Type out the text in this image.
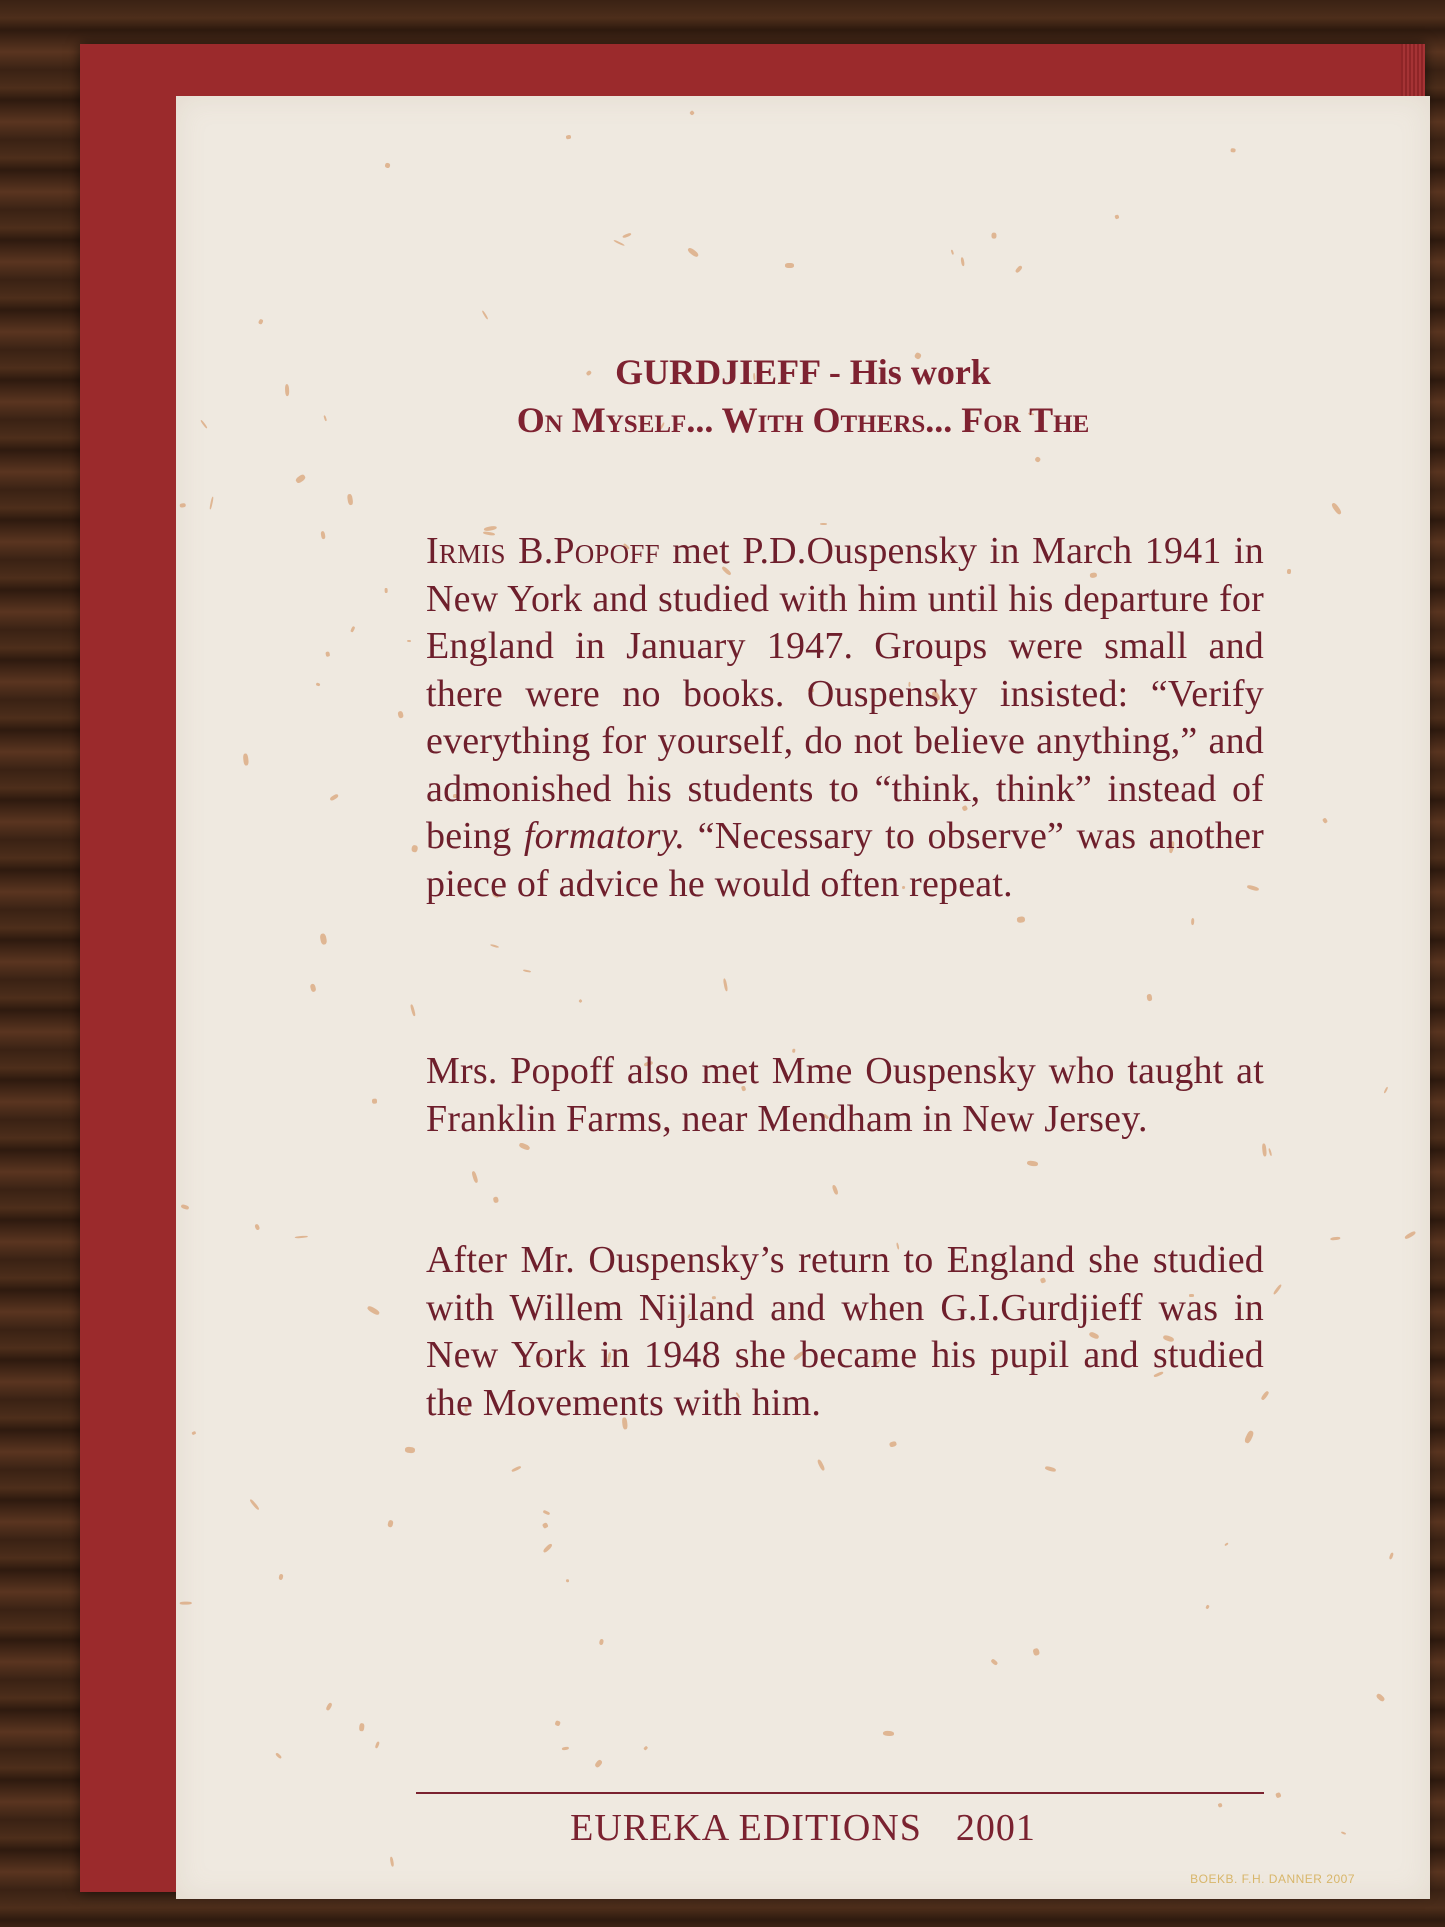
GURDJIEFF - His work
On Myself... With Others... For The

Irmis B.Popoff met P.D.Ouspensky in March 1941 in New York and studied with him until his departure for England in January 1947. Groups were small and there were no books. Ouspensky insisted: “Verify everything for yourself, do not believe anything,” and admonished his students to “think, think” instead of being formatory. “Necessary to observe” was another piece of advice he would often repeat.

Mrs. Popoff also met Mme Ouspensky who taught at Franklin Farms, near Mendham in New Jersey.

After Mr. Ouspensky’s return to England she studied with Willem Nijland and when G.I.Gurdjieff was in New York in 1948 she became his pupil and studied the Movements with him.

EUREKA EDITIONS 2001
BOEKB. F.H. DANNER 2007
